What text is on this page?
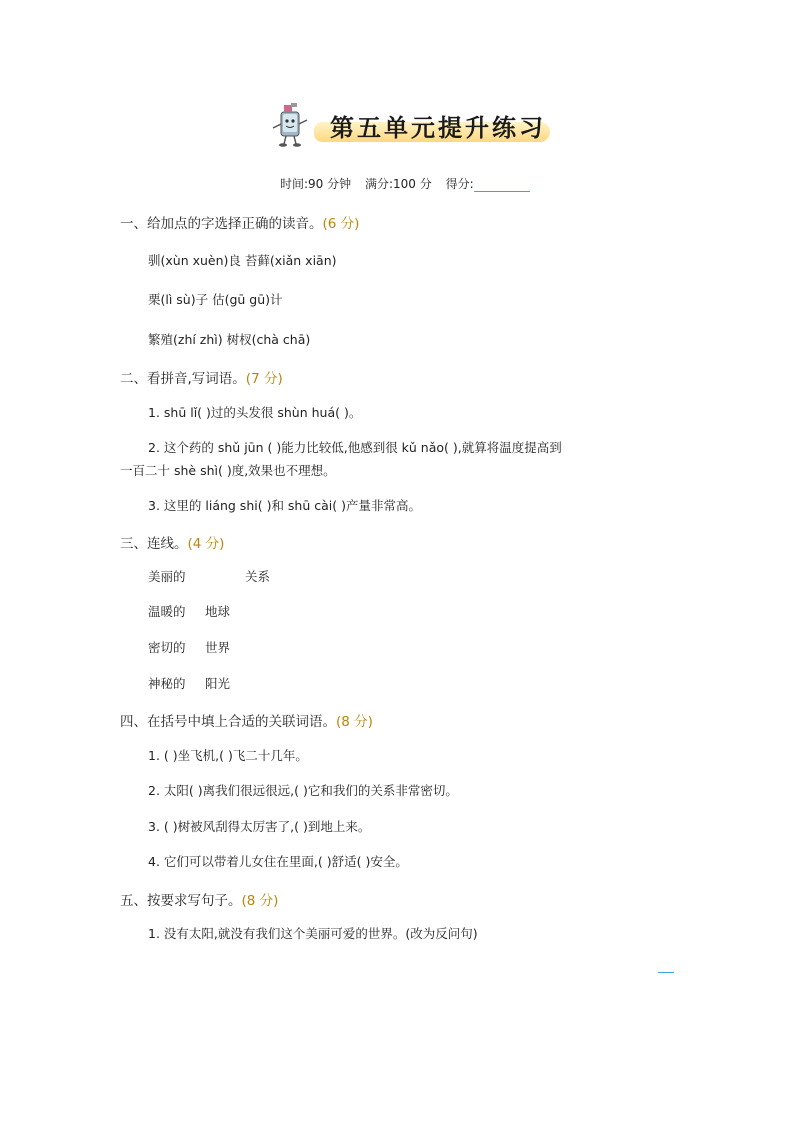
第五单元提升练习
时间:90 分钟 满分:100 分 得分:
一、给加点的字选择正确的读音。(6 分)
驯(xùn xuèn)良 苔藓(xiǎn xiān)
栗(lì sù)子 估(gū gū)计
繁殖(zhí zhì) 树杈(chà chā)
二、看拼音,写词语。(7 分)
1. shū lǐ( )过的头发很 shùn huá( )。
2. 这个药的 shǔ jūn ( )能力比较低,他感到很 kǔ nǎo( ),就算将温度提高到
一百二十 shè shì( )度,效果也不理想。
3. 这里的 liáng shi( )和 shū cài( )产量非常高。
三、连线。(4 分)
美丽的	关系
温暖的 地球
密切的 世界
神秘的 阳光
四、在括号中填上合适的关联词语。(8 分)
1. ( )坐飞机,( )飞二十几年。
2. 太阳( )离我们很远很远,( )它和我们的关系非常密切。
3. ( )树被风刮得太厉害了,( )到地上来。
4. 它们可以带着儿女住在里面,( )舒适( )安全。
五、按要求写句子。(8 分)
1. 没有太阳,就没有我们这个美丽可爱的世界。(改为反问句)
